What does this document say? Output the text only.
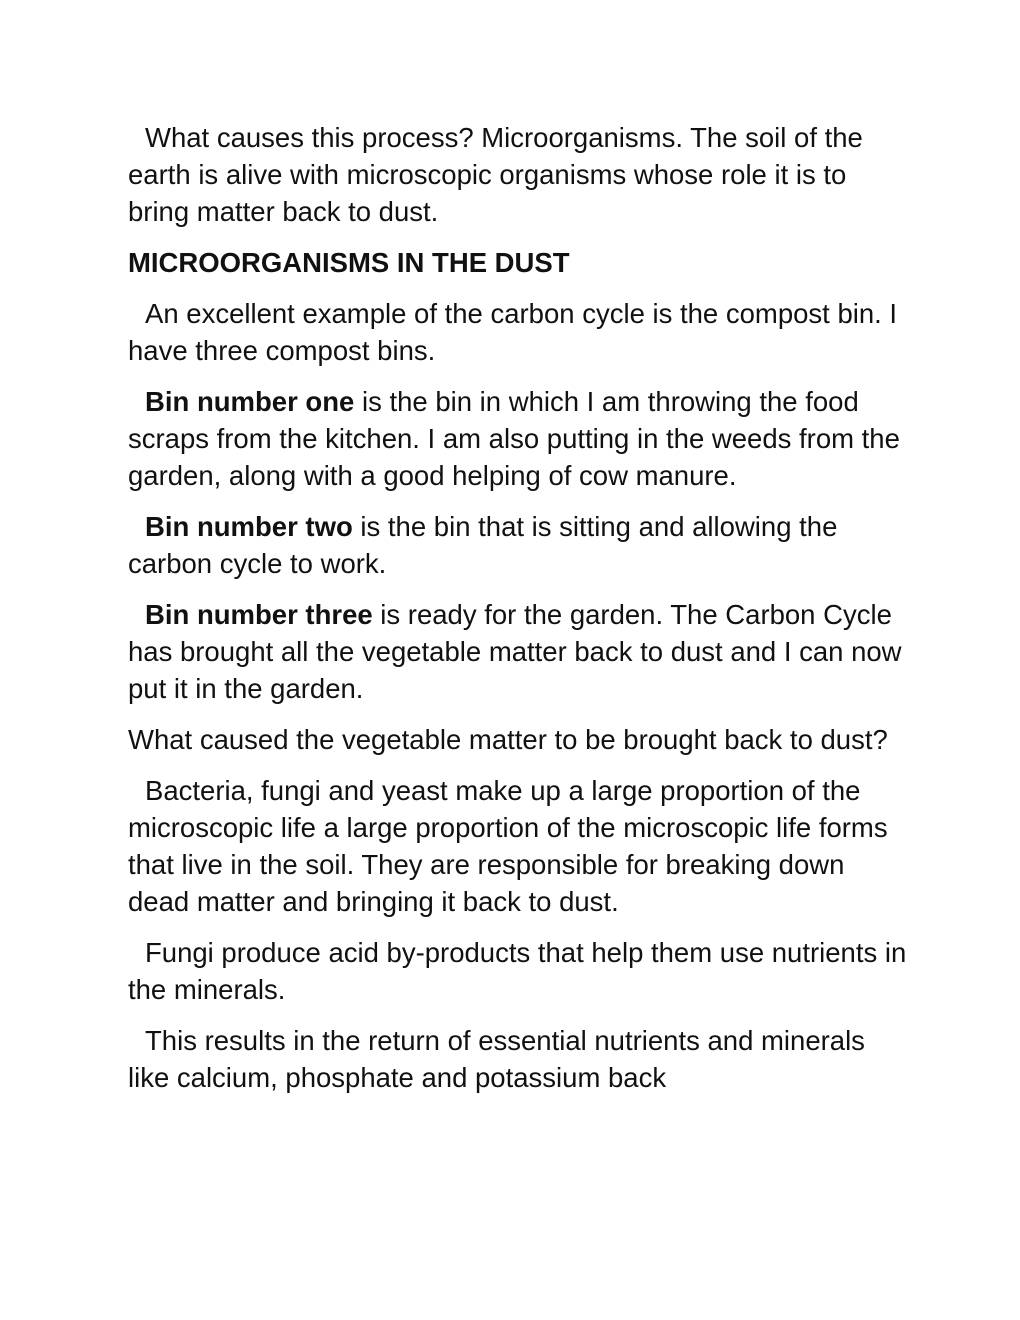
What causes this process? Microorganisms. The soil of the earth is alive with microscopic organisms whose role it is to bring matter back to dust.

MICROORGANISMS IN THE DUST

An excellent example of the carbon cycle is the compost bin. I have three compost bins.

Bin number one is the bin in which I am throwing the food scraps from the kitchen. I am also putting in the weeds from the garden, along with a good helping of cow manure.

Bin number two is the bin that is sitting and allowing the carbon cycle to work.

Bin number three is ready for the garden. The Carbon Cycle has brought all the vegetable matter back to dust and I can now put it in the garden.

What caused the vegetable matter to be brought back to dust?

Bacteria, fungi and yeast make up a large proportion of the microscopic life a large proportion of the microscopic life forms that live in the soil. They are responsible for breaking down dead matter and bringing it back to dust.

Fungi produce acid by-products that help them use nutrients in the minerals.

This results in the return of essential nutrients and minerals like calcium, phosphate and potassium back
